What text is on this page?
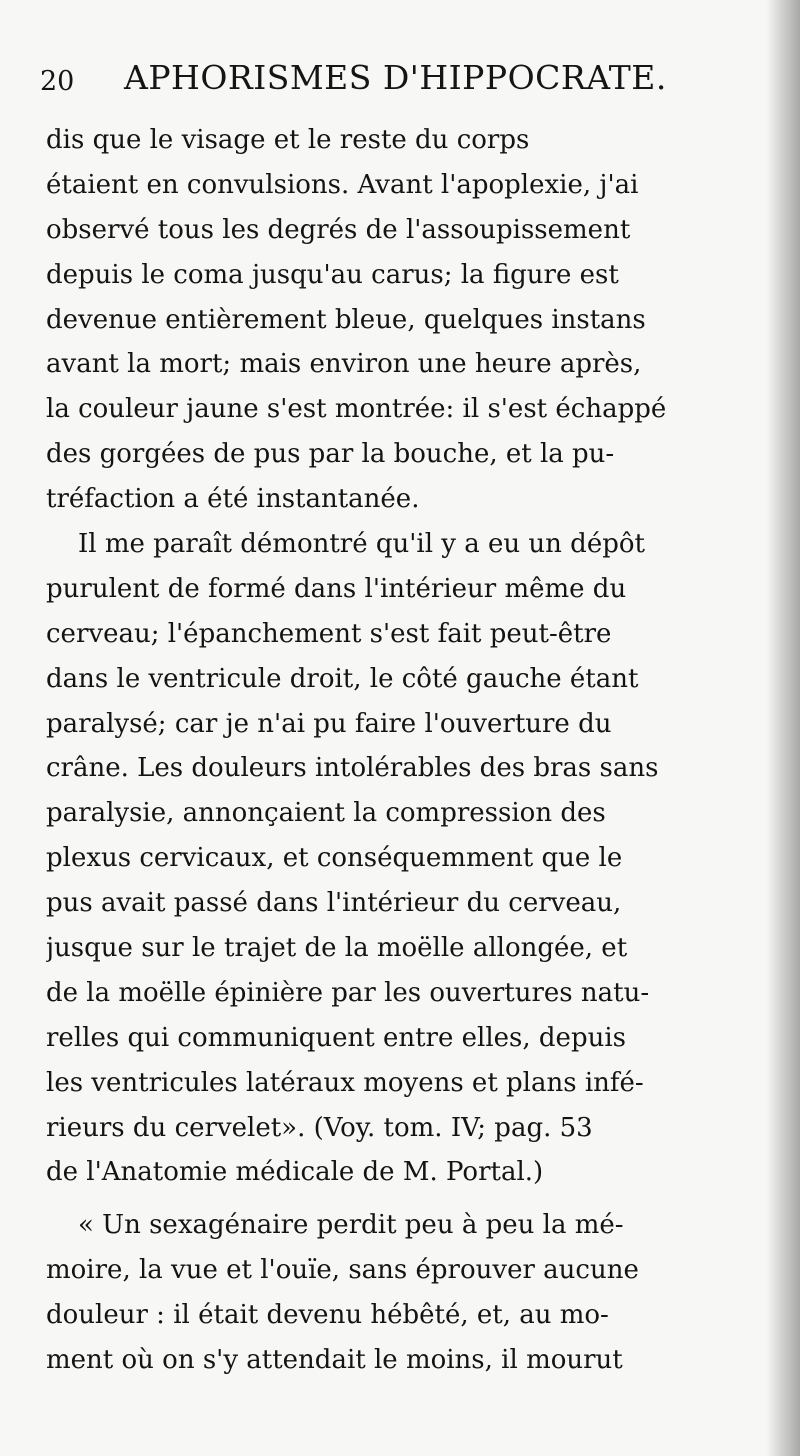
20 APHORISMES D'HIPPOCRATE.
dis que le visage et le reste du corps
étaient en convulsions. Avant l'apoplexie, j'ai
observé tous les degrés de l'assoupissement
depuis le coma jusqu'au carus; la figure est
devenue entièrement bleue, quelques instans
avant la mort; mais environ une heure après,
la couleur jaune s'est montrée: il s'est échappé
des gorgées de pus par la bouche, et la pu-
tréfaction a été instantanée.
Il me paraît démontré qu'il y a eu un dépôt
purulent de formé dans l'intérieur même du
cerveau; l'épanchement s'est fait peut-être
dans le ventricule droit, le côté gauche étant
paralysé; car je n'ai pu faire l'ouverture du
crâne. Les douleurs intolérables des bras sans
paralysie, annonçaient la compression des
plexus cervicaux, et conséquemment que le
pus avait passé dans l'intérieur du cerveau,
jusque sur le trajet de la moëlle allongée, et
de la moëlle épinière par les ouvertures natu-
relles qui communiquent entre elles, depuis
les ventricules latéraux moyens et plans infé-
rieurs du cervelet». (Voy. tom. IV; pag. 53
de l'Anatomie médicale de M. Portal.)
« Un sexagénaire perdit peu à peu la mé-
moire, la vue et l'ouïe, sans éprouver aucune
douleur : il était devenu hébêté, et, au mo-
ment où on s'y attendait le moins, il mourut
